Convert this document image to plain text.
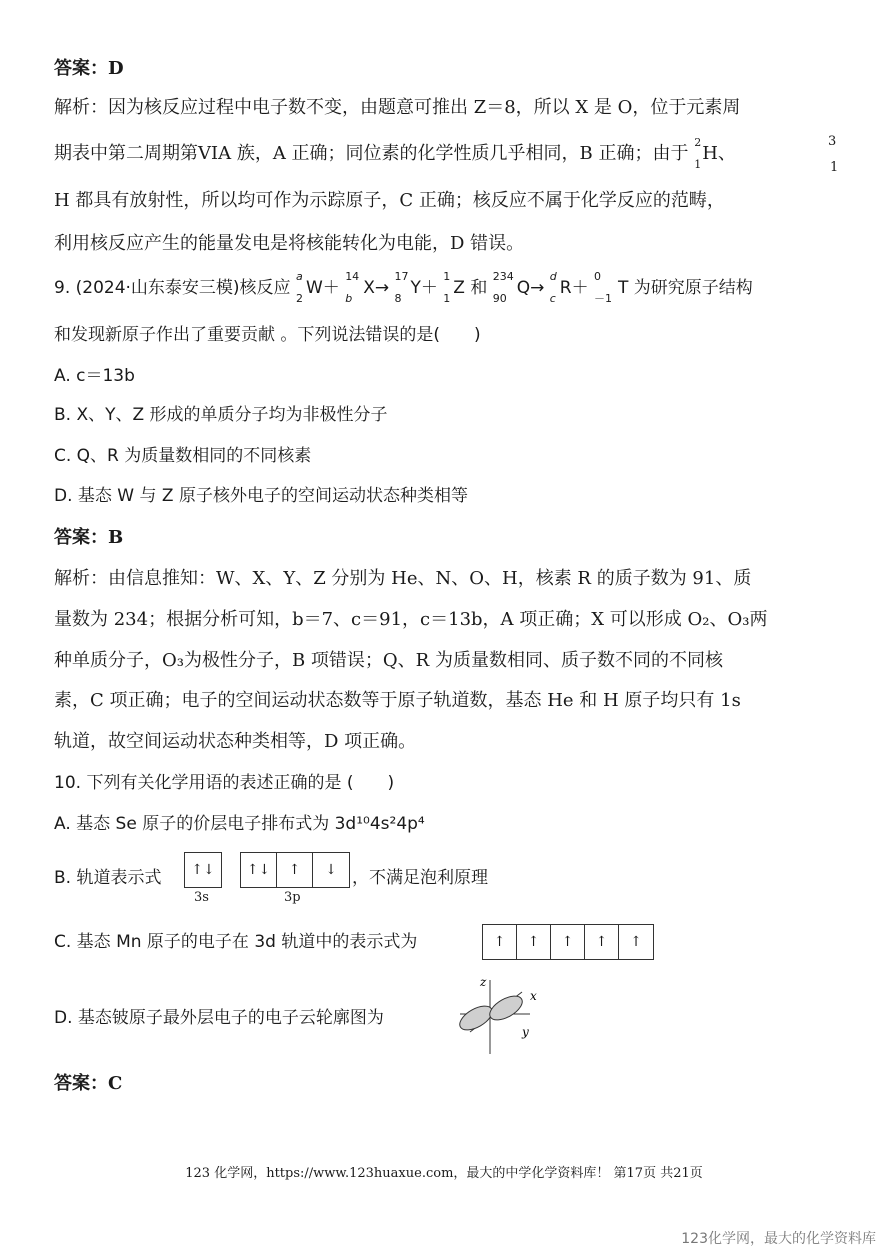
答案：D
解析：因为核反应过程中电子数不变，由题意可推出 Z＝8，所以 X 是 O，位于元素周
期表中第二周期第VIA 族，A 正确；同位素的化学性质几乎相同，B 正确；由于
2
1
H、
3
1
H 都具有放射性，所以均可作为示踪原子，C 正确；核反应不属于化学反应的范畴，
利用核反应产生的能量发电是将核能转化为电能，D 错误。
9. (2024·山东泰安三模)核反应
a
2
W＋
14
b
X→
17
8
Y＋
1
1
Z 和
234
90
Q→
d
c
R＋
0
－1
T 为研究原子结构
和发现新原子作出了重要贡献 。下列说法错误的是(　　)
A. c＝13b
B. X、Y、Z 形成的单质分子均为非极性分子
C. Q、R 为质量数相同的不同核素
D. 基态 W 与 Z 原子核外电子的空间运动状态种类相等
答案：B
解析：由信息推知：W、X、Y、Z 分别为 He、N、O、H，核素 R 的质子数为 91、质
量数为 234；根据分析可知，b＝7、c＝91，c＝13b，A 项正确；X 可以形成 O₂、O₃两
种单质分子，O₃为极性分子，B 项错误；Q、R 为质量数相同、质子数不同的不同核
素，C 项正确；电子的空间运动状态数等于原子轨道数，基态 He 和 H 原子均只有 1s
轨道，故空间运动状态种类相等，D 项正确。
10. 下列有关化学用语的表述正确的是 (　　)
A. 基态 Se 原子的价层电子排布式为 3d¹⁰4s²4p⁴
B. 轨道表示式	↑↓	↑↓ ↑ ↓
3s	3p
，不满足泡利原理
C. 基态 Mn 原子的电子在 3d 轨道中的表示式为	↑ ↑ ↑ ↑ ↑
D. 基态铍原子最外层电子的电子云轮廓图为
z
x
y
答案：C
123 化学网，https://www.123huaxue.com，最大的中学化学资料库！ 第17页 共21页
123化学网，最大的化学资料库
